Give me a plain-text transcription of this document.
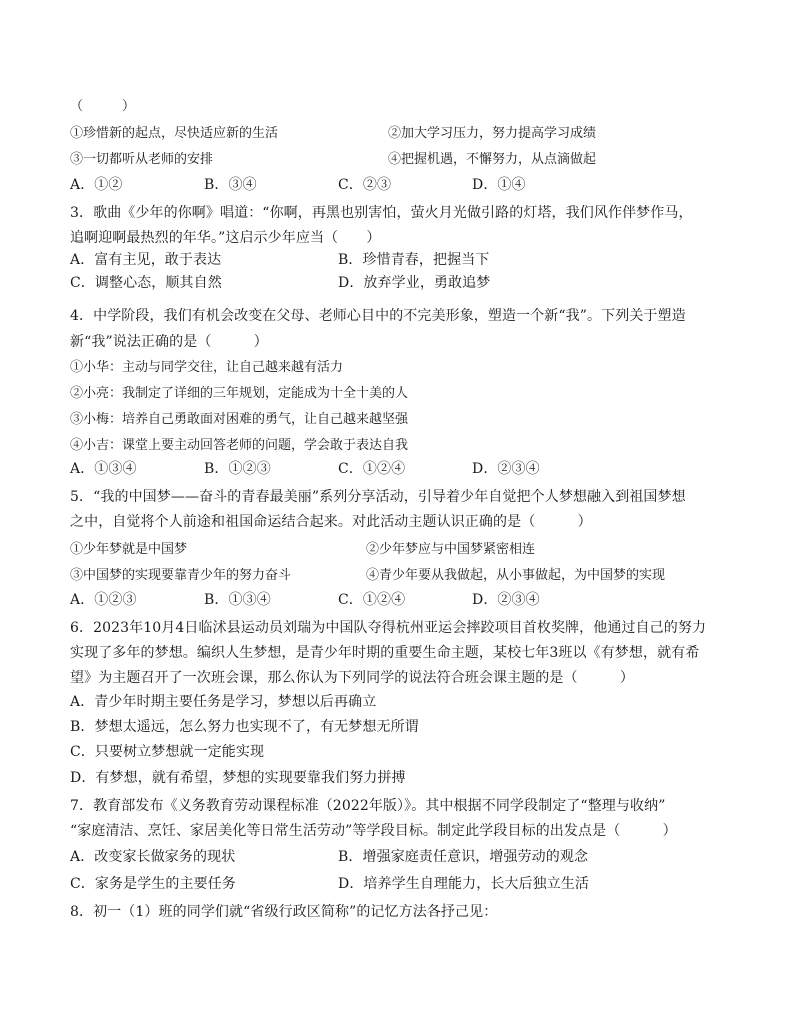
（　　　）
①珍惜新的起点，尽快适应新的生活	②加大学习压力，努力提高学习成绩
③一切都听从老师的安排	④把握机遇，不懈努力，从点滴做起
A．①②	B．③④	C．②③	D．①④
3．歌曲《少年的你啊》唱道：“你啊，再黑也别害怕，萤火月光做引路的灯塔，我们风作伴梦作马，
追啊迎啊最热烈的年华。”这启示少年应当（　　）
A．富有主见，敢于表达	B．珍惜青春，把握当下
C．调整心态，顺其自然	D．放弃学业，勇敢追梦
4．中学阶段，我们有机会改变在父母、老师心目中的不完美形象，塑造一个新“我”。下列关于塑造
新“我”说法正确的是（　　　）
①小华：主动与同学交往，让自己越来越有活力
②小亮：我制定了详细的三年规划，定能成为十全十美的人
③小梅：培养自己勇敢面对困难的勇气，让自己越来越坚强
④小吉：课堂上要主动回答老师的问题，学会敢于表达自我
A．①③④	B．①②③	C．①②④	D．②③④
5．“我的中国梦——奋斗的青春最美丽”系列分享活动，引导着少年自觉把个人梦想融入到祖国梦想
之中，自觉将个人前途和祖国命运结合起来。对此活动主题认识正确的是（　　　）
①少年梦就是中国梦	②少年梦应与中国梦紧密相连
③中国梦的实现要靠青少年的努力奋斗	④青少年要从我做起，从小事做起，为中国梦的实现
A．①②③	B．①③④	C．①②④	D．②③④
6．2023年10月4日临沭县运动员刘瑞为中国队夺得杭州亚运会摔跤项目首枚奖牌，他通过自己的努力
实现了多年的梦想。编织人生梦想，是青少年时期的重要生命主题，某校七年3班以《有梦想，就有希
望》为主题召开了一次班会课，那么你认为下列同学的说法符合班会课主题的是（　　　）
A．青少年时期主要任务是学习，梦想以后再确立
B．梦想太遥远，怎么努力也实现不了，有无梦想无所谓
C．只要树立梦想就一定能实现
D．有梦想，就有希望，梦想的实现要靠我们努力拼搏
7．教育部发布《义务教育劳动课程标准（2022年版）》。其中根据不同学段制定了“整理与收纳”
“家庭清洁、烹饪、家居美化等日常生活劳动”等学段目标。制定此学段目标的出发点是（　　　）
A．改变家长做家务的现状	B．增强家庭责任意识，增强劳动的观念
C．家务是学生的主要任务	D．培养学生自理能力，长大后独立生活
8．初一（1）班的同学们就“省级行政区简称”的记忆方法各抒己见：
